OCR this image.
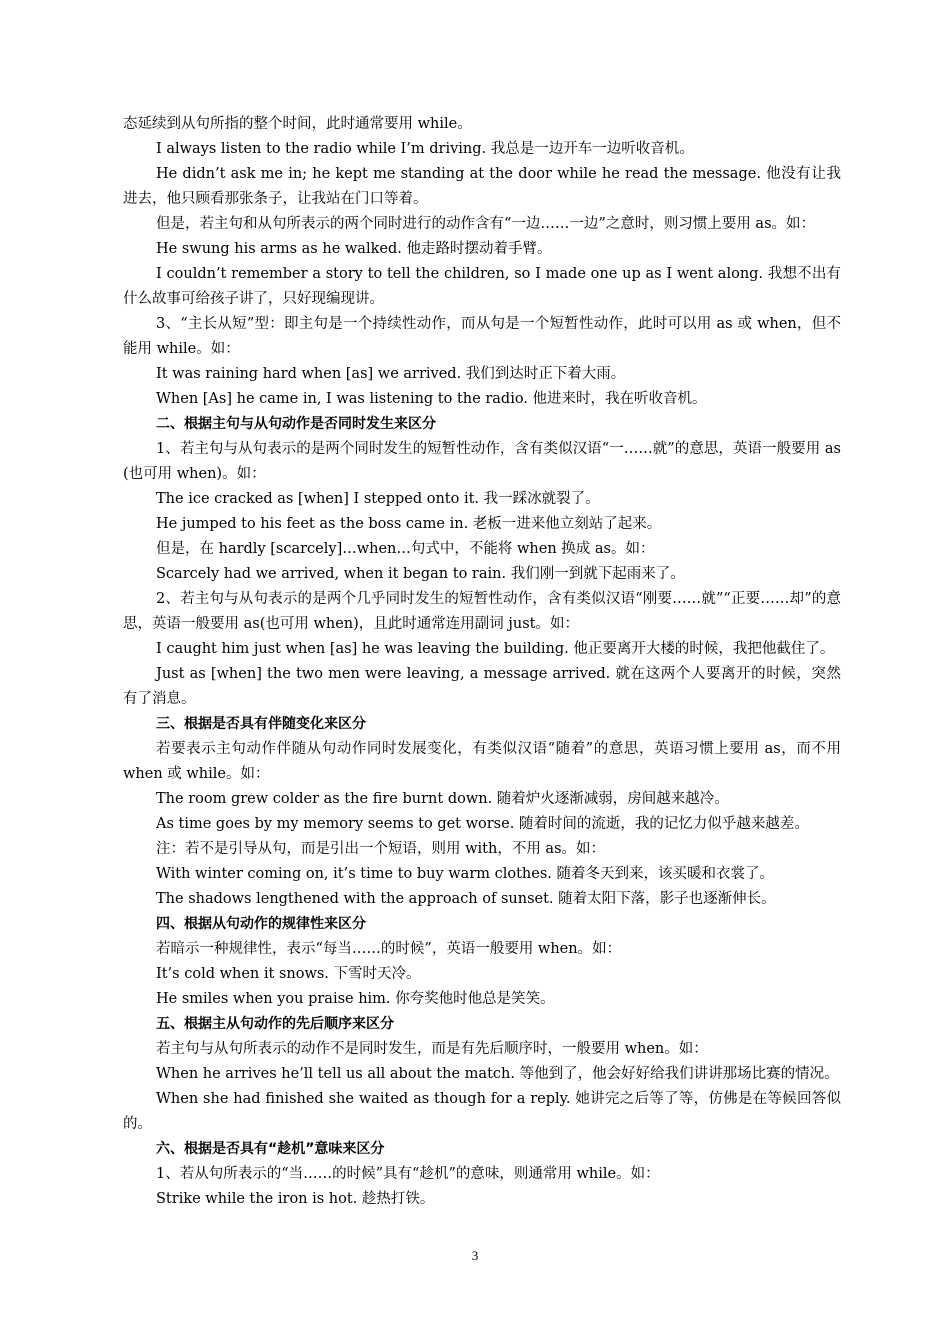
态延续到从句所指的整个时间，此时通常要用 while。

I always listen to the radio while I’m driving. 我总是一边开车一边听收音机。

He didn’t ask me in; he kept me standing at the door while he read the message. 他没有让我进去，他只顾看那张条子，让我站在门口等着。

但是，若主句和从句所表示的两个同时进行的动作含有“一边……一边”之意时，则习惯上要用 as。如：

He swung his arms as he walked. 他走路时摆动着手臂。

I couldn’t remember a story to tell the children, so I made one up as I went along. 我想不出有什么故事可给孩子讲了，只好现编现讲。

3、“主长从短”型：即主句是一个持续性动作，而从句是一个短暂性动作，此时可以用 as 或 when，但不能用 while。如：

It was raining hard when [as] we arrived. 我们到达时正下着大雨。

When [As] he came in, I was listening to the radio. 他进来时，我在听收音机。

二、根据主句与从句动作是否同时发生来区分

1、若主句与从句表示的是两个同时发生的短暂性动作，含有类似汉语“一……就”的意思，英语一般要用 as (也可用 when)。如：

The ice cracked as [when] I stepped onto it. 我一踩冰就裂了。

He jumped to his feet as the boss came in. 老板一进来他立刻站了起来。

但是，在 hardly [scarcely]…when…句式中，不能将 when 换成 as。如：

Scarcely had we arrived, when it began to rain. 我们刚一到就下起雨来了。

2、若主句与从句表示的是两个几乎同时发生的短暂性动作，含有类似汉语“刚要……就”“正要……却”的意思，英语一般要用 as(也可用 when)，且此时通常连用副词 just。如：

I caught him just when [as] he was leaving the building. 他正要离开大楼的时候，我把他截住了。

Just as [when] the two men were leaving, a message arrived. 就在这两个人要离开的时候，突然有了消息。

三、根据是否具有伴随变化来区分

若要表示主句动作伴随从句动作同时发展变化，有类似汉语“随着”的意思，英语习惯上要用 as，而不用 when 或 while。如：

The room grew colder as the fire burnt down. 随着炉火逐渐减弱，房间越来越冷。

As time goes by my memory seems to get worse. 随着时间的流逝，我的记忆力似乎越来越差。

注：若不是引导从句，而是引出一个短语，则用 with，不用 as。如：

With winter coming on, it’s time to buy warm clothes. 随着冬天到来，该买暖和衣裳了。

The shadows lengthened with the approach of sunset. 随着太阳下落，影子也逐渐伸长。

四、根据从句动作的规律性来区分

若暗示一种规律性，表示“每当……的时候”，英语一般要用 when。如：

It’s cold when it snows. 下雪时天冷。

He smiles when you praise him. 你夸奖他时他总是笑笑。

五、根据主从句动作的先后顺序来区分

若主句与从句所表示的动作不是同时发生，而是有先后顺序时，一般要用 when。如：

When he arrives he’ll tell us all about the match. 等他到了，他会好好给我们讲讲那场比赛的情况。

When she had finished she waited as though for a reply. 她讲完之后等了等，仿佛是在等候回答似的。

六、根据是否具有“趁机”意味来区分

1、若从句所表示的“当……的时候”具有“趁机”的意味，则通常用 while。如：

Strike while the iron is hot. 趁热打铁。

3
